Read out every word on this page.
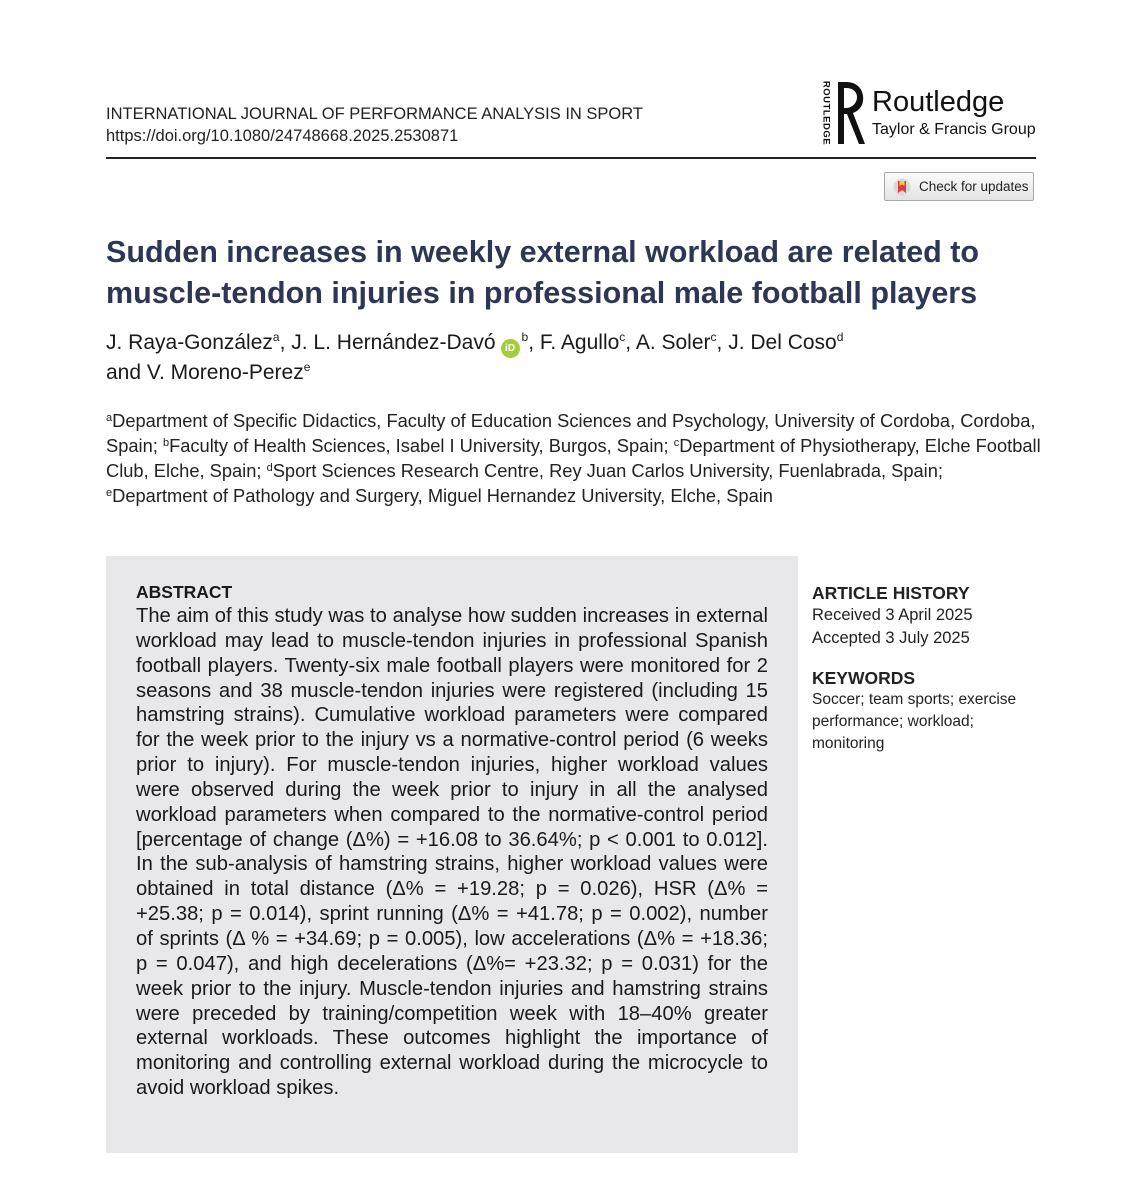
INTERNATIONAL JOURNAL OF PERFORMANCE ANALYSIS IN SPORT
https://doi.org/10.1080/24748668.2025.2530871	ROUTLEDGE Routledge
Taylor & Francis Group
Check for updates
Sudden increases in weekly external workload are related to muscle-tendon injuries in professional male football players
J. Raya-González$^a$, J. L. Hernández-Davó $iD^b$, F. Agullo$^c$, A. Soler$^c$, J. Del Coso$^d$
and V. Moreno-Perez$^e$
$^a$Department of Specific Didactics, Faculty of Education Sciences and Psychology, University of Cordoba, Cordoba, Spain; $^b$Faculty of Health Sciences, Isabel I University, Burgos, Spain; $^c$Department of Physiotherapy, Elche Football Club, Elche, Spain; $^d$Sport Sciences Research Centre, Rey Juan Carlos University, Fuenlabrada, Spain; $^e$Department of Pathology and Surgery, Miguel Hernandez University, Elche, Spain
ABSTRACT
The aim of this study was to analyse how sudden increases in external workload may lead to muscle-tendon injuries in professional Spanish football players. Twenty-six male football players were monitored for 2 seasons and 38 muscle-tendon injuries were registered (including 15 hamstring strains). Cumulative workload parameters were compared for the week prior to the injury vs a normative-control period (6 weeks prior to injury). For muscle-tendon injuries, higher workload values were observed during the week prior to injury in all the analysed workload parameters when compared to the normative-control period [percentage of change (Δ%) = +16.08 to 36.64%; p < 0.001 to 0.012]. In the sub-analysis of hamstring strains, higher workload values were obtained in total distance (Δ% = +19.28; p = 0.026), HSR (Δ% = +25.38; p = 0.014), sprint running (Δ% = +41.78; p = 0.002), number of sprints (Δ % = +34.69; p = 0.005), low accelerations (Δ% = +18.36; p = 0.047), and high decelerations (Δ%= +23.32; p = 0.031) for the week prior to the injury. Muscle-tendon injuries and hamstring strains were preceded by training/competition week with 18–40% greater external workloads. These outcomes highlight the importance of monitoring and controlling external workload during the microcycle to avoid workload spikes.
ARTICLE HISTORY
Received 3 April 2025
Accepted 3 July 2025
KEYWORDS
Soccer; team sports; exercise performance; workload; monitoring
